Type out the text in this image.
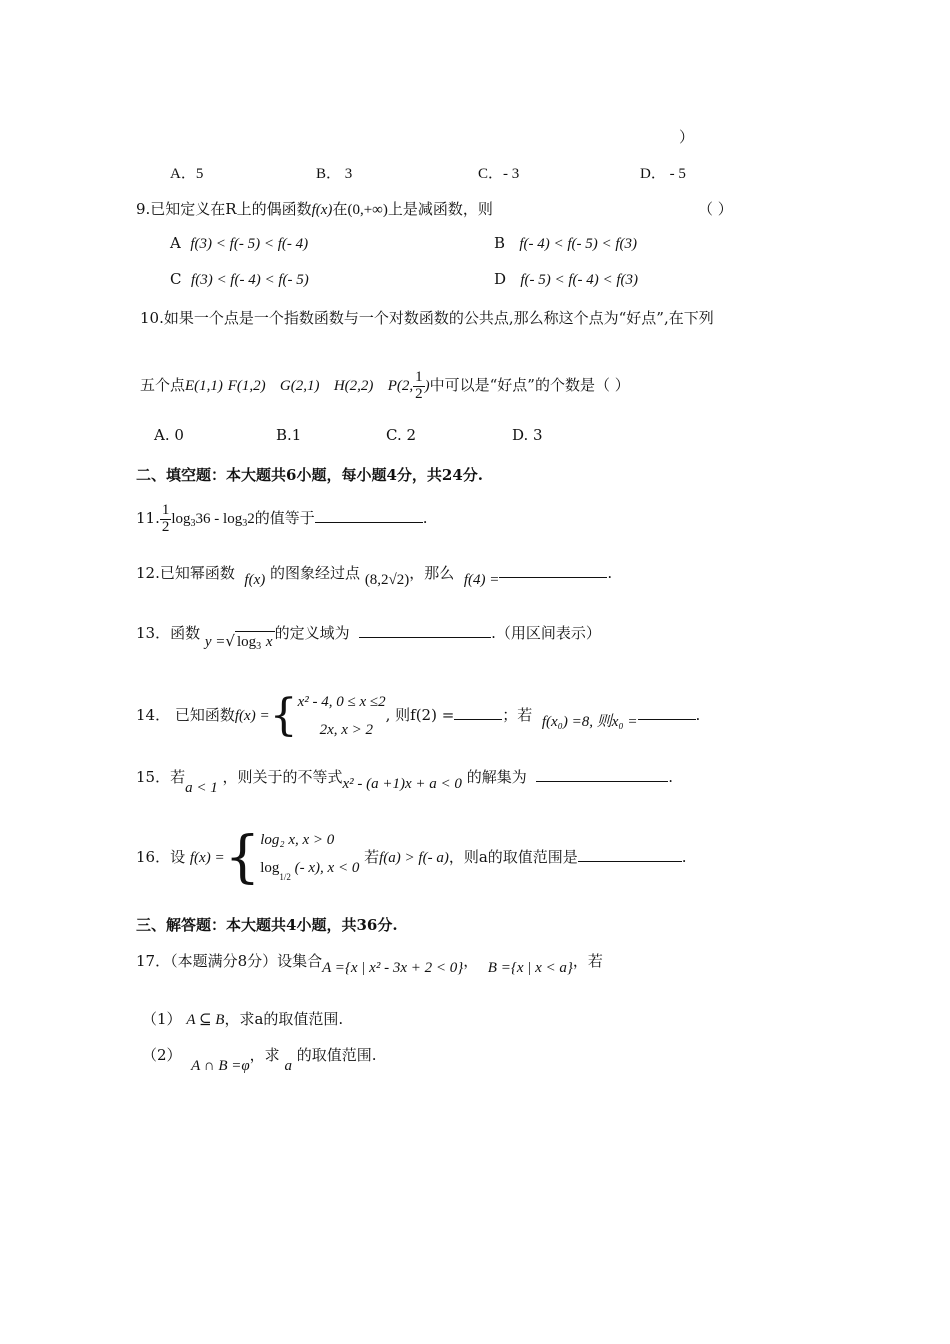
）
A．5	B． 3	C．- 3	D． - 5
9.已知定义在R上的偶函数f(x)在(0,+∞)上是减函数，则	（ ）
A f(3) < f(- 5) < f(- 4)	B f(- 4) < f(- 5) < f(3)
C f(3) < f(- 4) < f(- 5)	D f(- 5) < f(- 4) < f(3)
10.如果一个点是一个指数函数与一个对数函数的公共点,那么称这个点为“好点”,在下列
五个点E(1,1) F(1,2) G(2,1) H(2,2) P(2, $\frac{1}{2}$ )中可以是“好点”的个数是（ ）
A. 0	B.1	C. 2	D. 3
二、填空题：本大题共6小题，每小题4分，共24分.
11. $\frac{1}{2} \log_336 - \log_32$的值等于	.
12.已知幂函数 f(x) 的图象经过点 (8,2√2)，那么 f(4) =	.
13．函数 y =√ $\log_3 x$ 的定义域为	.（用区间表示）
14． 已知函数f(x) ={ x² - 4, 0 ≤ x ≤2
2x, x > 2
, 则f(2) =	；若 f(x₀) =8, 则x₀ =	.
15．若a < 1 ，则关于的不等式x² - (a +1)x + a < 0 的解集为	.
16．设 f(x) ={ log₂ x, x > 0
$\log_{1/2}$ (- x), x < 0
若f(a) > f(- a)，则a的取值范围是	.
三、解答题：本大题共4小题，共36分.
17．（本题满分8分）设集合A ={x | x² - 3x + 2 < 0}， B ={x | x < a}，若
（1） A ⊆ B，求a的取值范围.
（2）  A ∩ B =φ，求 a 的取值范围.
